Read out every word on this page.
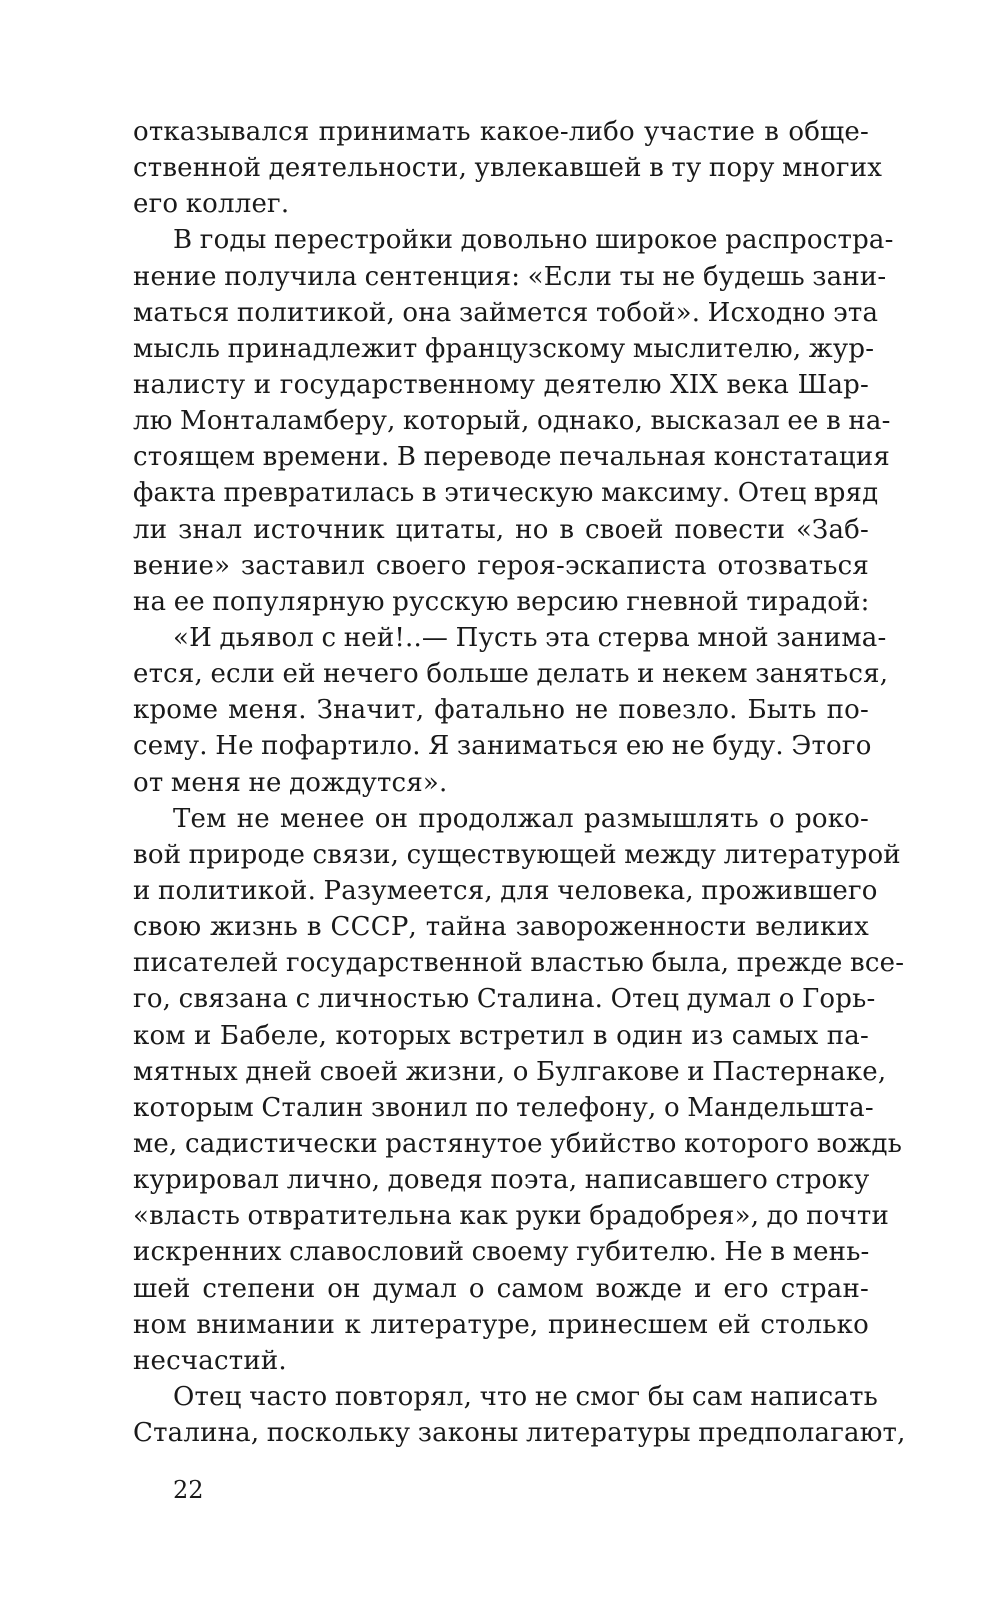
отказывался принимать какое-либо участие в обще-
ственной деятельности, увлекавшей в ту пору многих
его коллег.
В годы перестройки довольно широкое распростра-
нение получила сентенция: «Если ты не будешь зани-
маться политикой, она займется тобой». Исходно эта
мысль принадлежит французскому мыслителю, жур-
налисту и государственному деятелю XIX века Шар-
лю Монталамберу, который, однако, высказал ее в на-
стоящем времени. В переводе печальная констатация
факта превратилась в этическую максиму. Отец вряд
ли знал источник цитаты, но в своей повести «Заб-
вение» заставил своего героя-эскаписта отозваться
на ее популярную русскую версию гневной тирадой:
«И дьявол с ней!..— Пусть эта стерва мной занима-
ется, если ей нечего больше делать и некем заняться,
кроме меня. Значит, фатально не повезло. Быть по-
сему. Не пофартило. Я заниматься ею не буду. Этого
от меня не дождутся».
Тем не менее он продолжал размышлять о роко-
вой природе связи, существующей между литературой
и политикой. Разумеется, для человека, прожившего
свою жизнь в СССР, тайна завороженности великих
писателей государственной властью была, прежде все-
го, связана с личностью Сталина. Отец думал о Горь-
ком и Бабеле, которых встретил в один из самых па-
мятных дней своей жизни, о Булгакове и Пастернаке,
которым Сталин звонил по телефону, о Мандельшта-
ме, садистически растянутое убийство которого вождь
курировал лично, доведя поэта, написавшего строку
«власть отвратительна как руки брадобрея», до почти
искренних славословий своему губителю. Не в мень-
шей степени он думал о самом вожде и его стран-
ном внимании к литературе, принесшем ей столько
несчастий.
Отец часто повторял, что не смог бы сам написать
Сталина, поскольку законы литературы предполагают,
22
